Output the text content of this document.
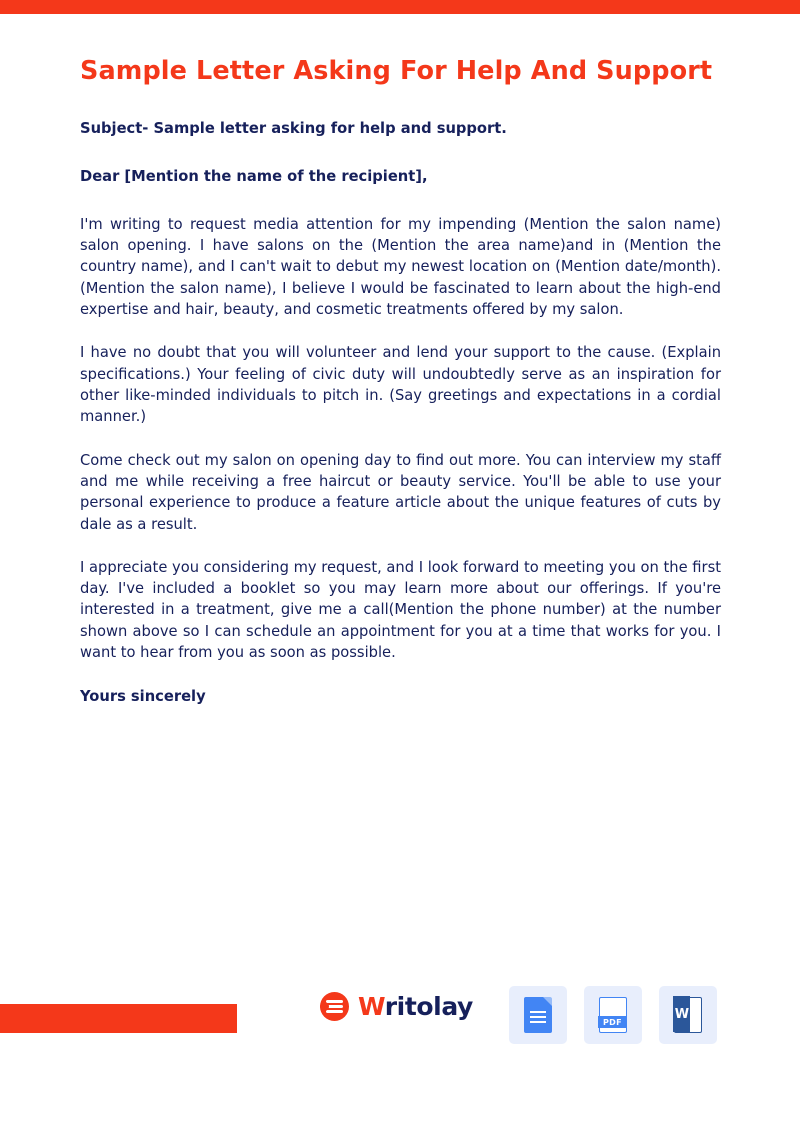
Sample Letter Asking For Help And Support

Subject- Sample letter asking for help and support.

Dear [Mention the name of the recipient],

I'm writing to request media attention for my impending (Mention the salon name) salon opening. I have salons on the (Mention the area name)and in (Mention the country name), and I can't wait to debut my newest location on (Mention date/month). (Mention the salon name), I believe I would be fascinated to learn about the high-end expertise and hair, beauty, and cosmetic treatments offered by my salon.

I have no doubt that you will volunteer and lend your support to the cause. (Explain specifications.) Your feeling of civic duty will undoubtedly serve as an inspiration for other like-minded individuals to pitch in. (Say greetings and expectations in a cordial manner.)

Come check out my salon on opening day to find out more. You can interview my staff and me while receiving a free haircut or beauty service. You'll be able to use your personal experience to produce a feature article about the unique features of cuts by dale as a result.

I appreciate you considering my request, and I look forward to meeting you on the first day. I've included a booklet so you may learn more about our offerings. If you're interested in a treatment, give me a call(Mention the phone number) at the number shown above so I can schedule an appointment for you at a time that works for you. I want to hear from you as soon as possible.

Yours sincerely

Writolay
PDF
W
